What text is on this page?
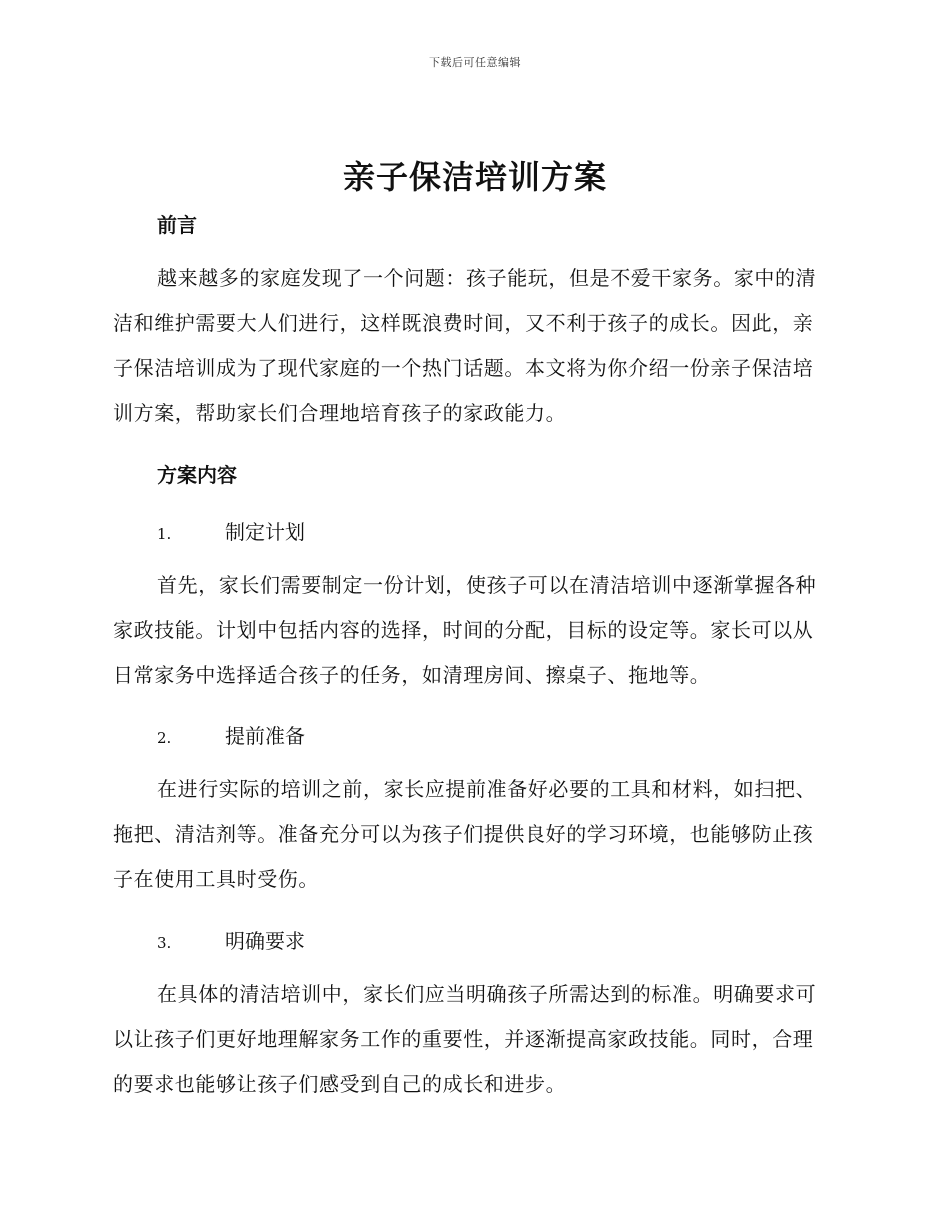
下载后可任意编辑
亲子保洁培训方案
前言

越来越多的家庭发现了一个问题：孩子能玩，但是不爱干家务。家中的清洁和维护需要大人们进行，这样既浪费时间，又不利于孩子的成长。因此，亲子保洁培训成为了现代家庭的一个热门话题。本文将为你介绍一份亲子保洁培训方案，帮助家长们合理地培育孩子的家政能力。

方案内容
1.	制定计划

首先，家长们需要制定一份计划，使孩子可以在清洁培训中逐渐掌握各种家政技能。计划中包括内容的选择，时间的分配，目标的设定等。家长可以从日常家务中选择适合孩子的任务，如清理房间、擦桌子、拖地等。

2.	提前准备

在进行实际的培训之前，家长应提前准备好必要的工具和材料，如扫把、拖把、清洁剂等。准备充分可以为孩子们提供良好的学习环境，也能够防止孩子在使用工具时受伤。

3.	明确要求

在具体的清洁培训中，家长们应当明确孩子所需达到的标准。明确要求可以让孩子们更好地理解家务工作的重要性，并逐渐提高家政技能。同时，合理的要求也能够让孩子们感受到自己的成长和进步。
